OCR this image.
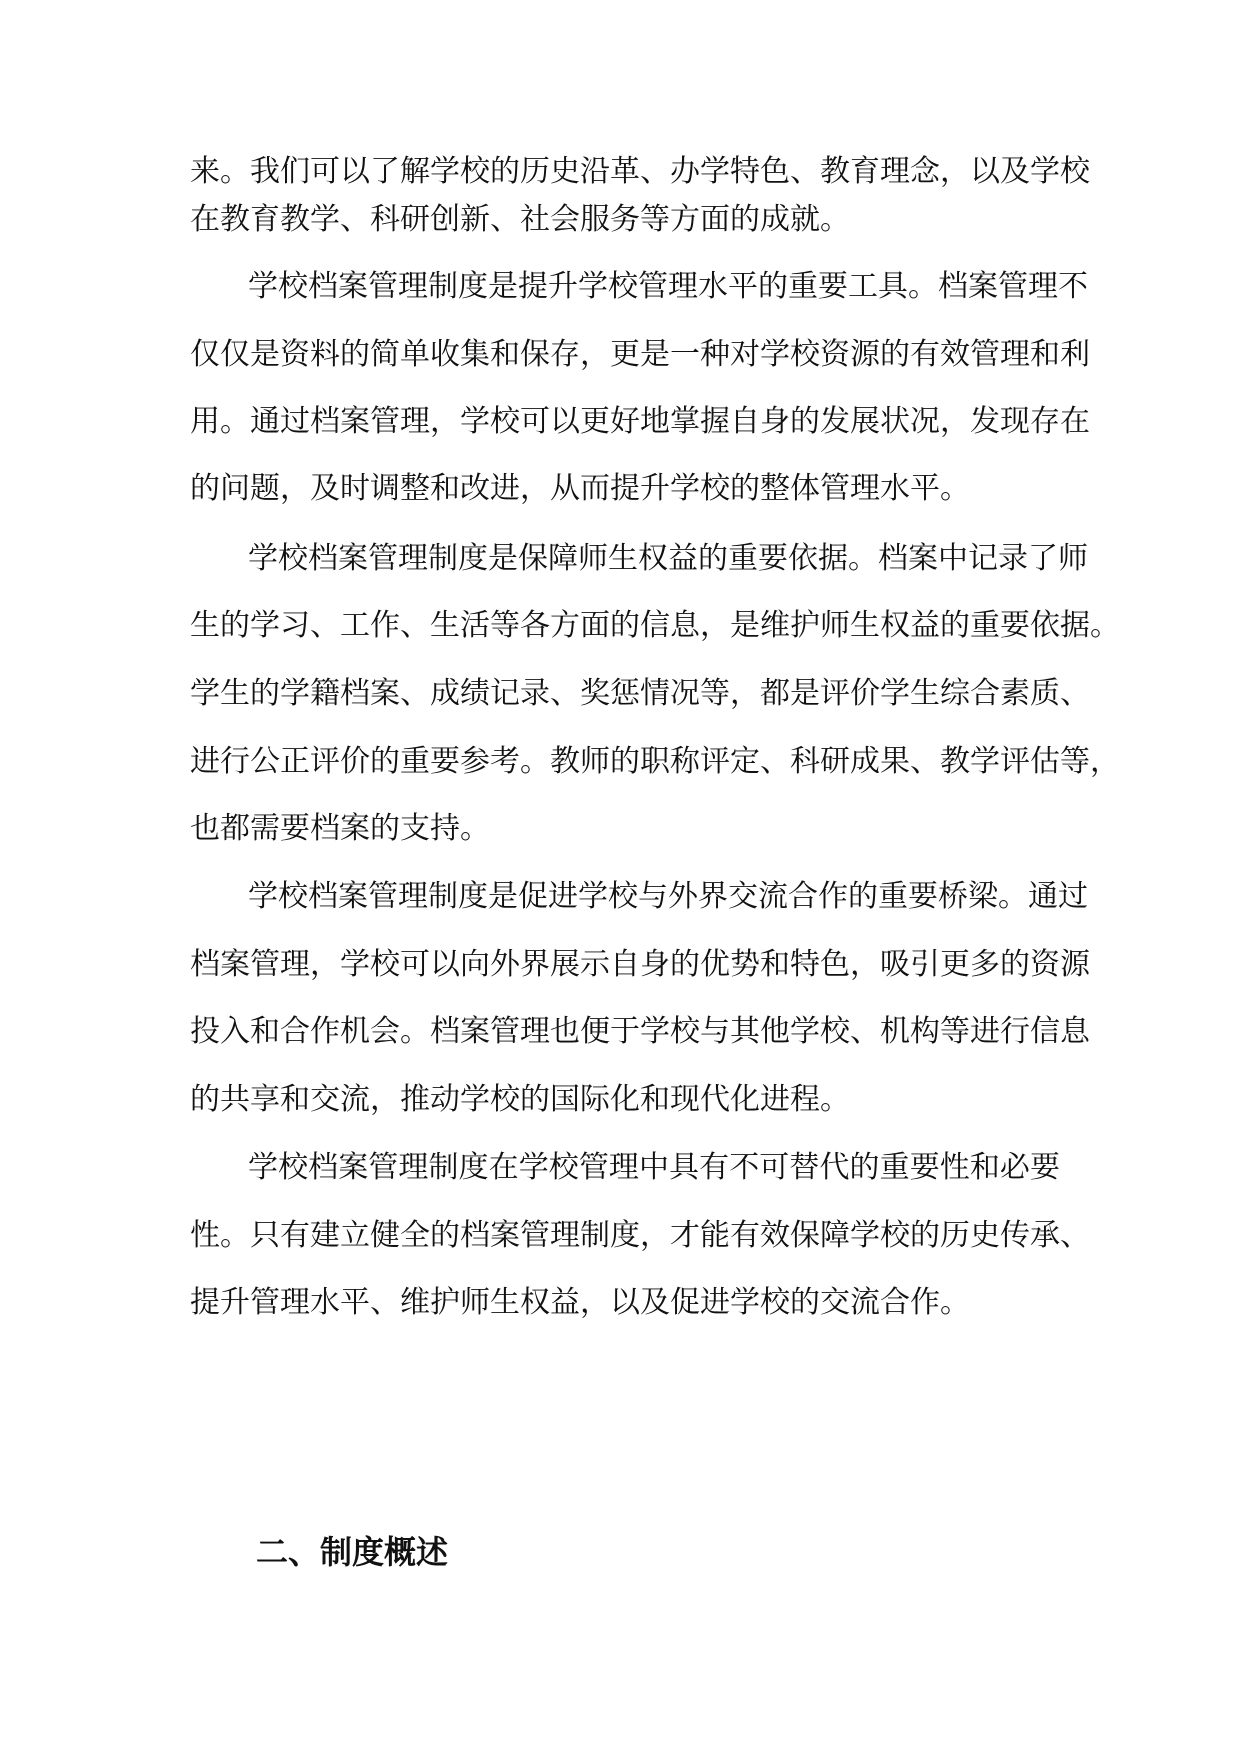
来。我们可以了解学校的历史沿革、办学特色、教育理念，以及学校
在教育教学、科研创新、社会服务等方面的成就。
学校档案管理制度是提升学校管理水平的重要工具。档案管理不
仅仅是资料的简单收集和保存，更是一种对学校资源的有效管理和利
用。通过档案管理，学校可以更好地掌握自身的发展状况，发现存在
的问题，及时调整和改进，从而提升学校的整体管理水平。
学校档案管理制度是保障师生权益的重要依据。档案中记录了师
生的学习、工作、生活等各方面的信息，是维护师生权益的重要依据。
学生的学籍档案、成绩记录、奖惩情况等，都是评价学生综合素质、
进行公正评价的重要参考。教师的职称评定、科研成果、教学评估等，
也都需要档案的支持。
学校档案管理制度是促进学校与外界交流合作的重要桥梁。通过
档案管理，学校可以向外界展示自身的优势和特色，吸引更多的资源
投入和合作机会。档案管理也便于学校与其他学校、机构等进行信息
的共享和交流，推动学校的国际化和现代化进程。
学校档案管理制度在学校管理中具有不可替代的重要性和必要
性。只有建立健全的档案管理制度，才能有效保障学校的历史传承、
提升管理水平、维护师生权益，以及促进学校的交流合作。
二、制度概述
